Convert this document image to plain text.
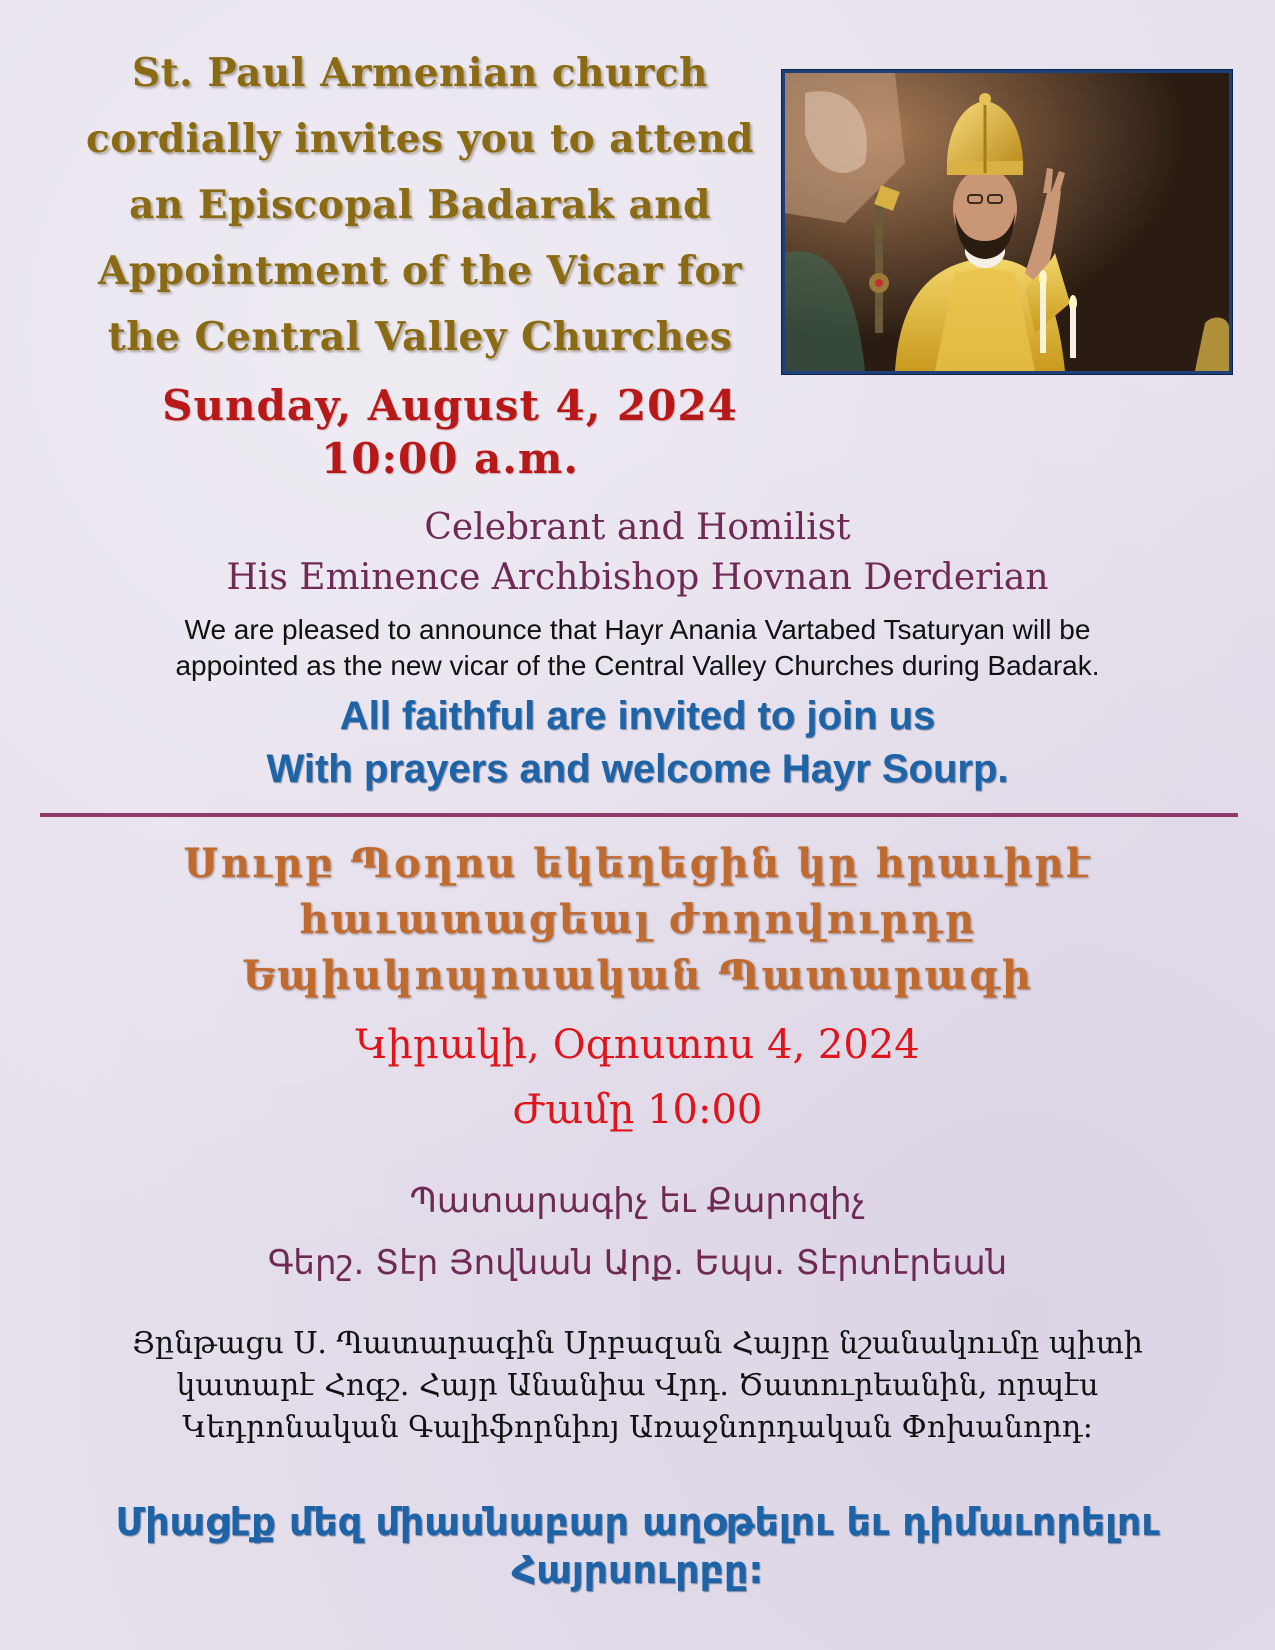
St. Paul Armenian church
cordially invites you to attend
an Episcopal Badarak and
Appointment of the Vicar for
the Central Valley Churches
Sunday, August 4, 2024
10:00 a.m.
Celebrant and Homilist
His Eminence Archbishop Hovnan Derderian
We are pleased to announce that Hayr Anania Vartabed Tsaturyan will be
appointed as the new vicar of the Central Valley Churches during Badarak.
All faithful are invited to join us
With prayers and welcome Hayr Sourp.
Սուրբ Պօղոս եկեղեցին կը հրաւիրէ
հաւատացեալ ժողովուրդը
Եպիսկոպոսական Պատարագի
Կիրակի, Օգոստոս 4, 2024
Ժամը 10:00
Պատարագիչ եւ Քարոզիչ
Գերշ. Տէր Յովնան Արք. Եպս. Տէրտէրեան
Յընթացս Ս. Պատարագին Սրբազան Հայրը նշանակումը պիտի
կատարէ Հոգշ. Հայր Անանիա Վրդ. Ծատուրեանին, որպէս
Կեդրոնական Գալիֆորնիոյ Առաջնորդական Փոխանորդ:
Միացէք մեզ միասնաբար աղօթելու եւ դիմաւորելու
Հայրսուրբը:
